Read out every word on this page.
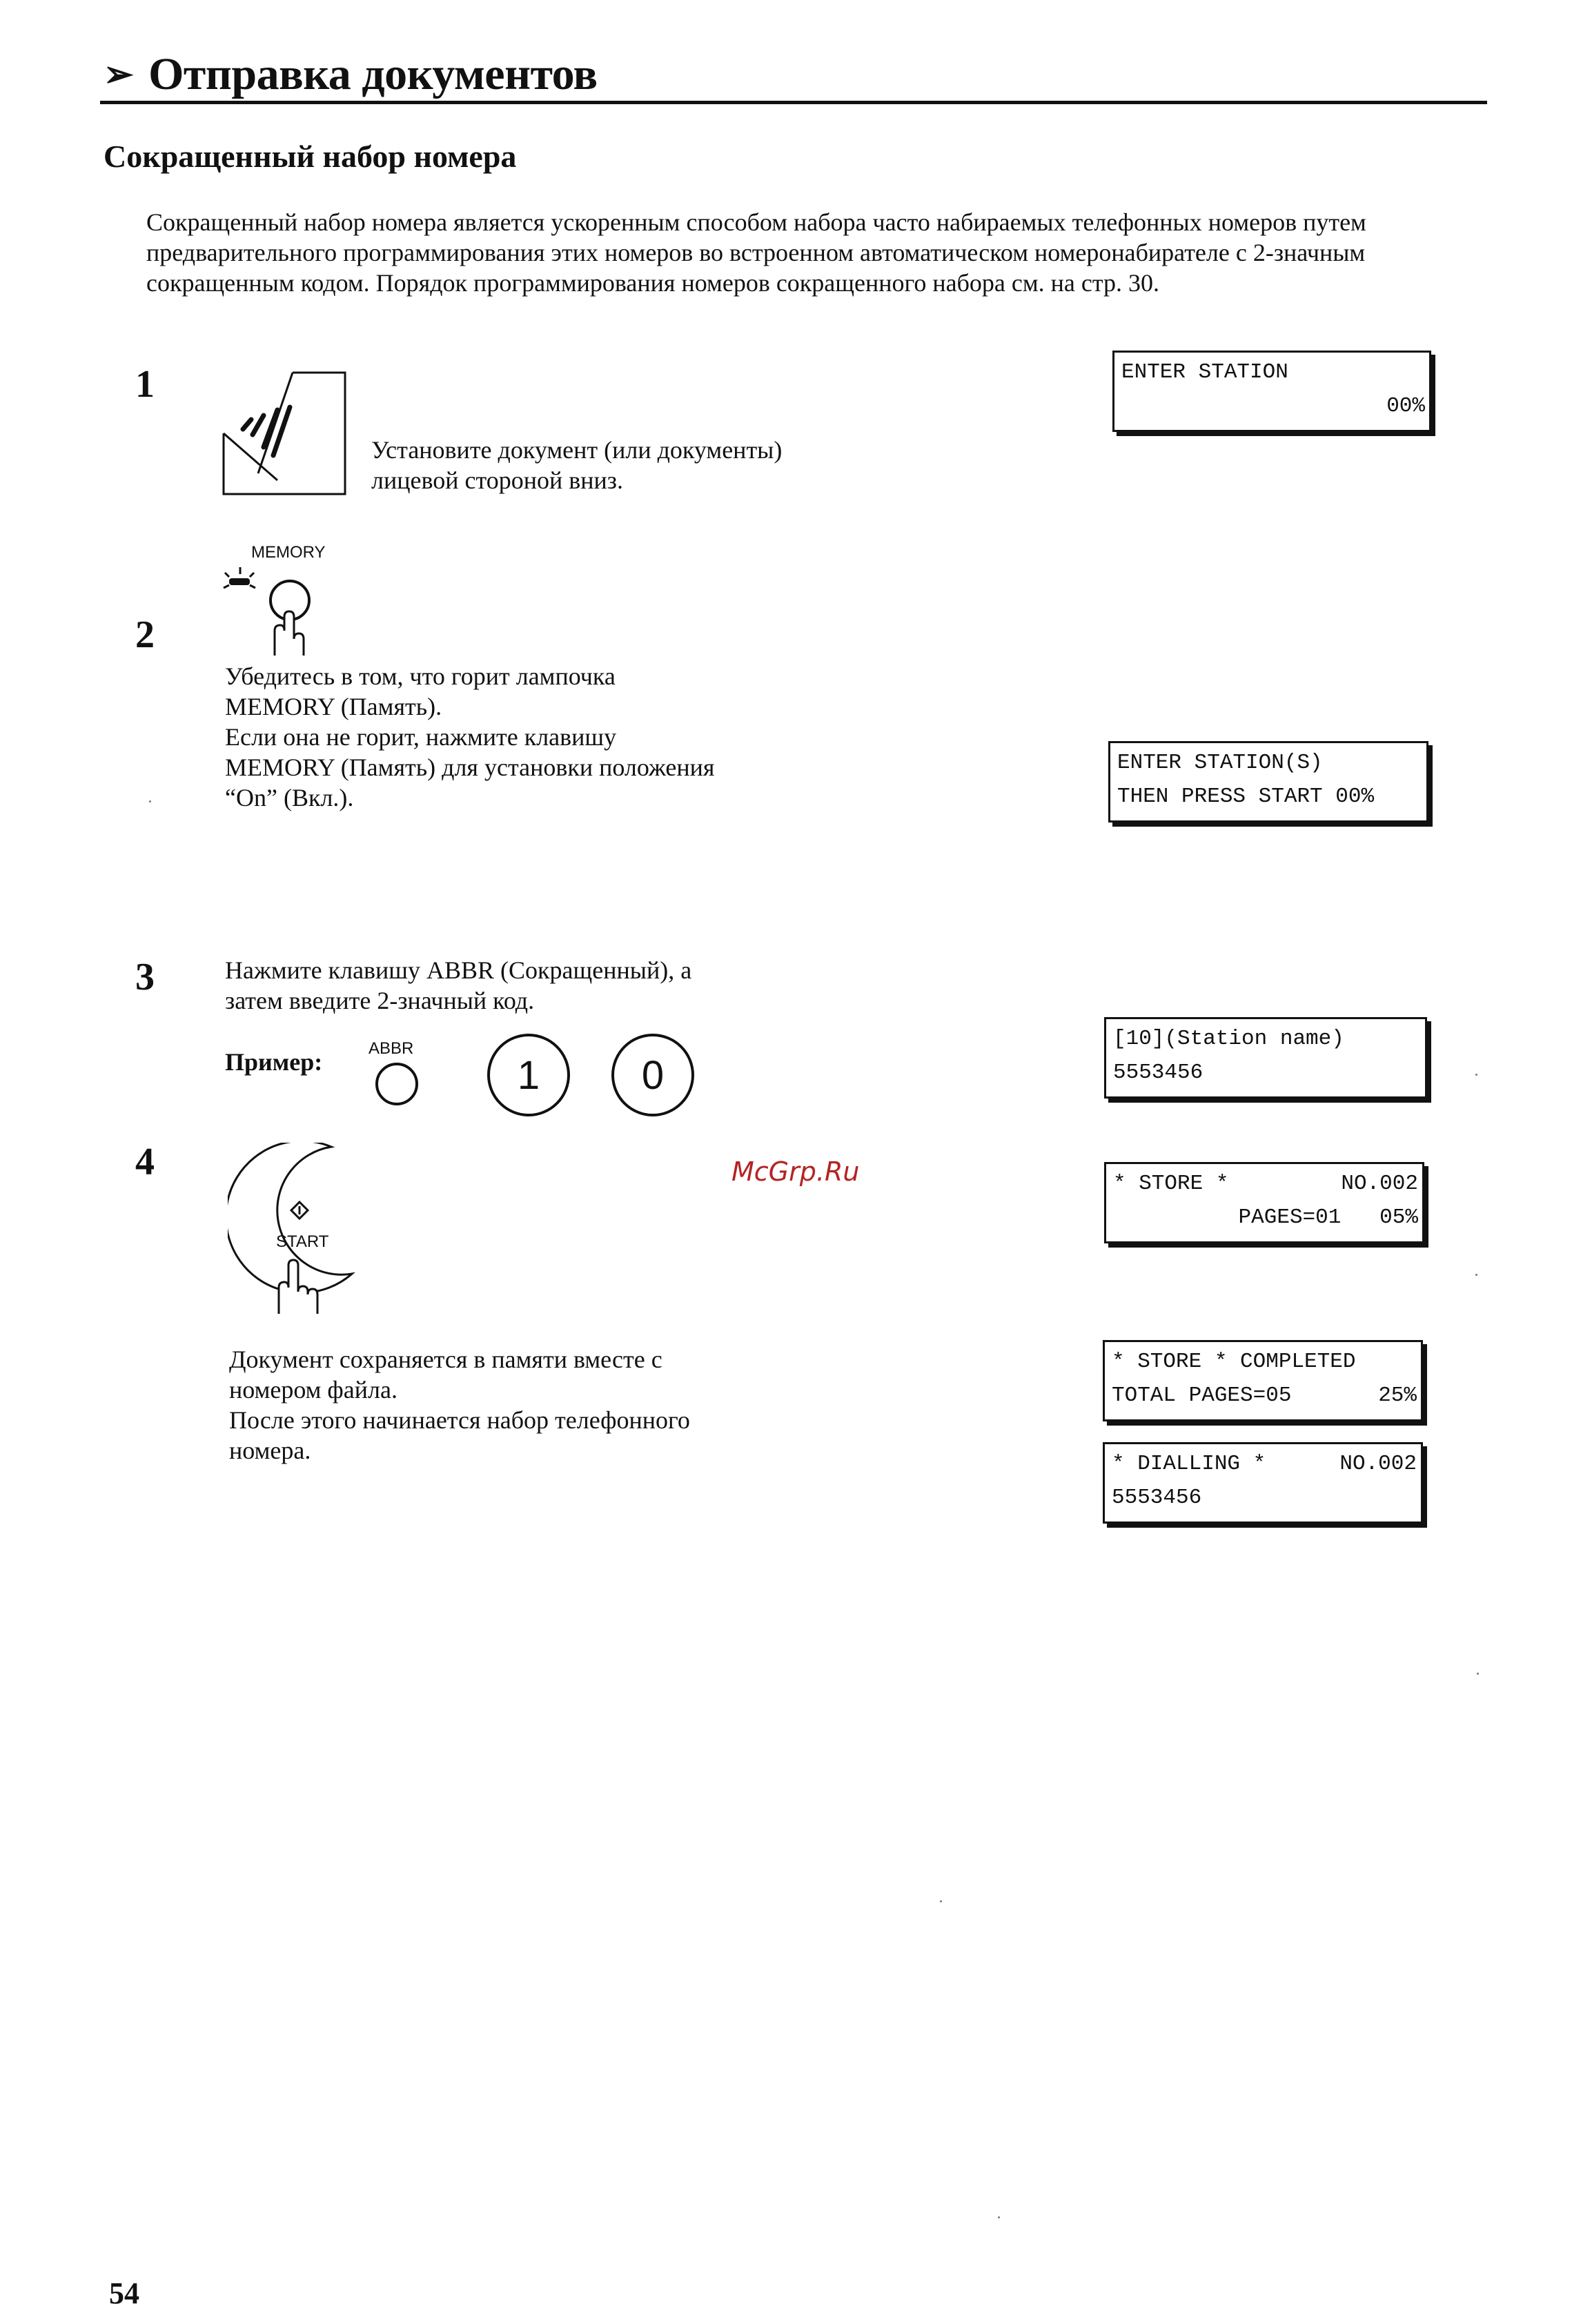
➢ Отправка документов
Сокращенный набор номера

Сокращенный набор номера является ускоренным способом набора часто набираемых телефонных номеров путем предварительного программирования этих номеров во встроенном автоматическом номеронабирателе с 2-значным сокращенным кодом. Порядок программирования номеров сокращенного набора см. на стр. 30.

1

Установите документ (или документы)

лицевой стороной вниз.

ENTER STATION
00%
MEMORY
2

Убедитесь в том, что горит лампочка

MEMORY (Память).

Если она не горит, нажмите клавишу

MEMORY (Память) для установки положения

“On” (Вкл.).

ENTER STATION(S)
THEN PRESS START 00%
3	Нажмите клавишу ABBR (Сокращенный), а

затем введите 2-значный код.

Пример:	ABBR
1	0
[10](Station name)
5553456
4
START
* STORE *	NO.002
PAGES=01   05%

Документ сохраняется в памяти вместе с

номером файла.

После этого начинается набор телефонного

номера.

* STORE * COMPLETED
TOTAL PAGES=05	25%
* DIALLING *	NO.002
5553456
McGrp.Ru
54
